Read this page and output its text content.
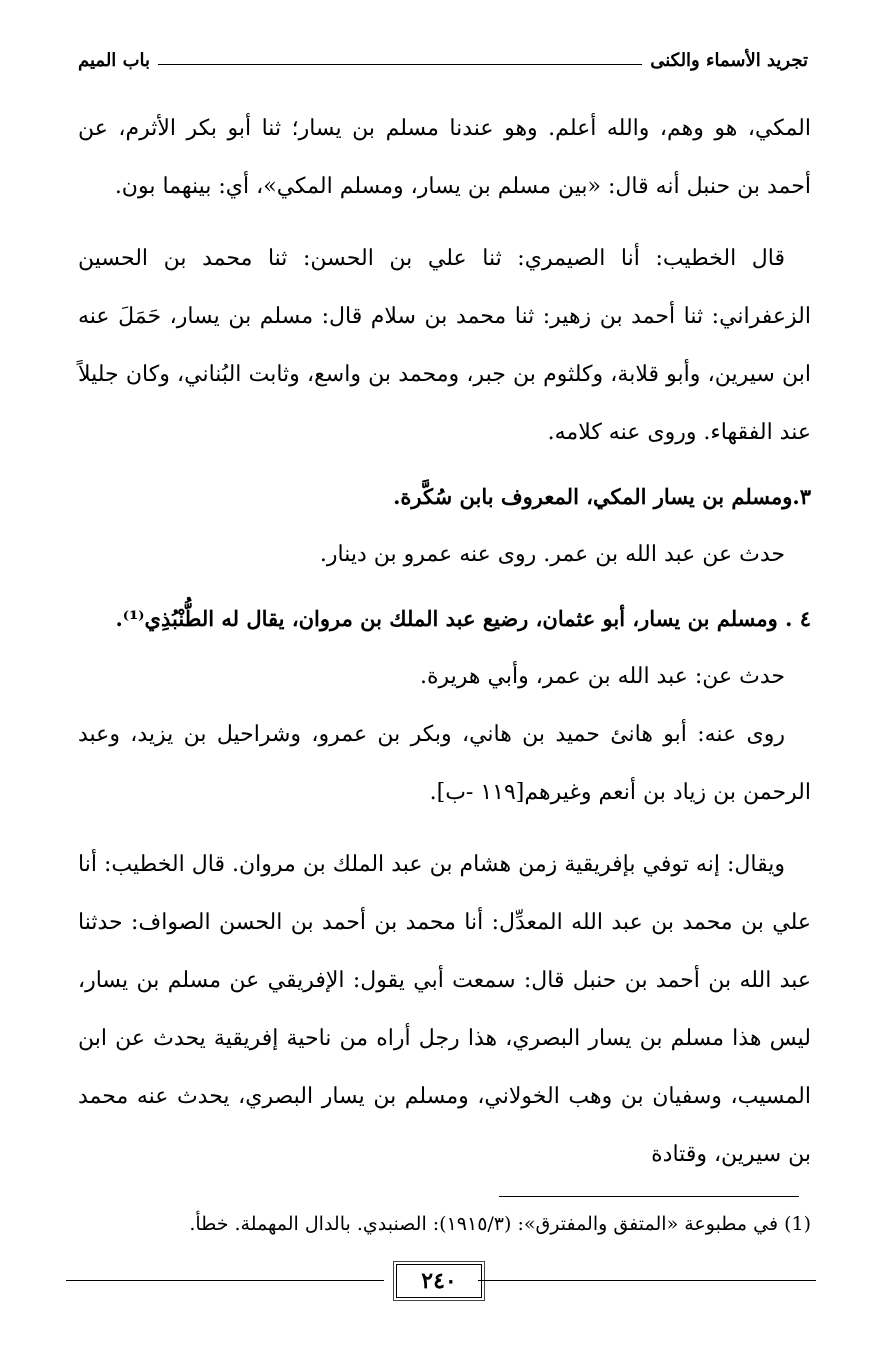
تجريد الأسماء والكنى
باب الميم

المكي، هو وهم، والله أعلم. وهو عندنا مسلم بن يسار؛ ثنا أبو بكر الأثرم، عن أحمد بن حنبل أنه قال: «بين مسلم بن يسار، ومسلم المكي»، أي: بينهما بون.

قال الخطيب: أنا الصيمري: ثنا علي بن الحسن: ثنا محمد بن الحسين الزعفراني: ثنا أحمد بن زهير: ثنا محمد بن سلام قال: مسلم بن يسار، حَمَلَ عنه ابن سيرين، وأبو قلابة، وكلثوم بن جبر، ومحمد بن واسع، وثابت البُناني، وكان جليلاً عند الفقهاء. وروى عنه كلامه.

٣.ومسلم بن يسار المكي، المعروف بابن سُكَّرة.

حدث عن عبد الله بن عمر. روى عنه عمرو بن دينار.

٤ . ومسلم بن يسار، أبو عثمان، رضيع عبد الملك بن مروان، يقال له الطُّنْبُذِي⁽¹⁾.

حدث عن: عبد الله بن عمر، وأبي هريرة.

روى عنه: أبو هانئ حميد بن هاني، وبكر بن عمرو، وشراحيل بن يزيد، وعبد الرحمن بن زياد بن أنعم وغيرهم[١١٩ -ب].

ويقال: إنه توفي بإفريقية زمن هشام بن عبد الملك بن مروان. قال الخطيب: أنا علي بن محمد بن عبد الله المعدِّل: أنا محمد بن أحمد بن الحسن الصواف: حدثنا عبد الله بن أحمد بن حنبل قال: سمعت أبي يقول: الإفريقي عن مسلم بن يسار، ليس هذا مسلم بن يسار البصري، هذا رجل أراه من ناحية إفريقية يحدث عن ابن المسيب، وسفيان بن وهب الخولاني، ومسلم بن يسار البصري، يحدث عنه محمد بن سيرين، وقتادة

(1) في مطبوعة «المتفق والمفترق»: (١٩١٥/٣): الصنبدي. بالدال المهملة. خطأ.
٢٤٠
